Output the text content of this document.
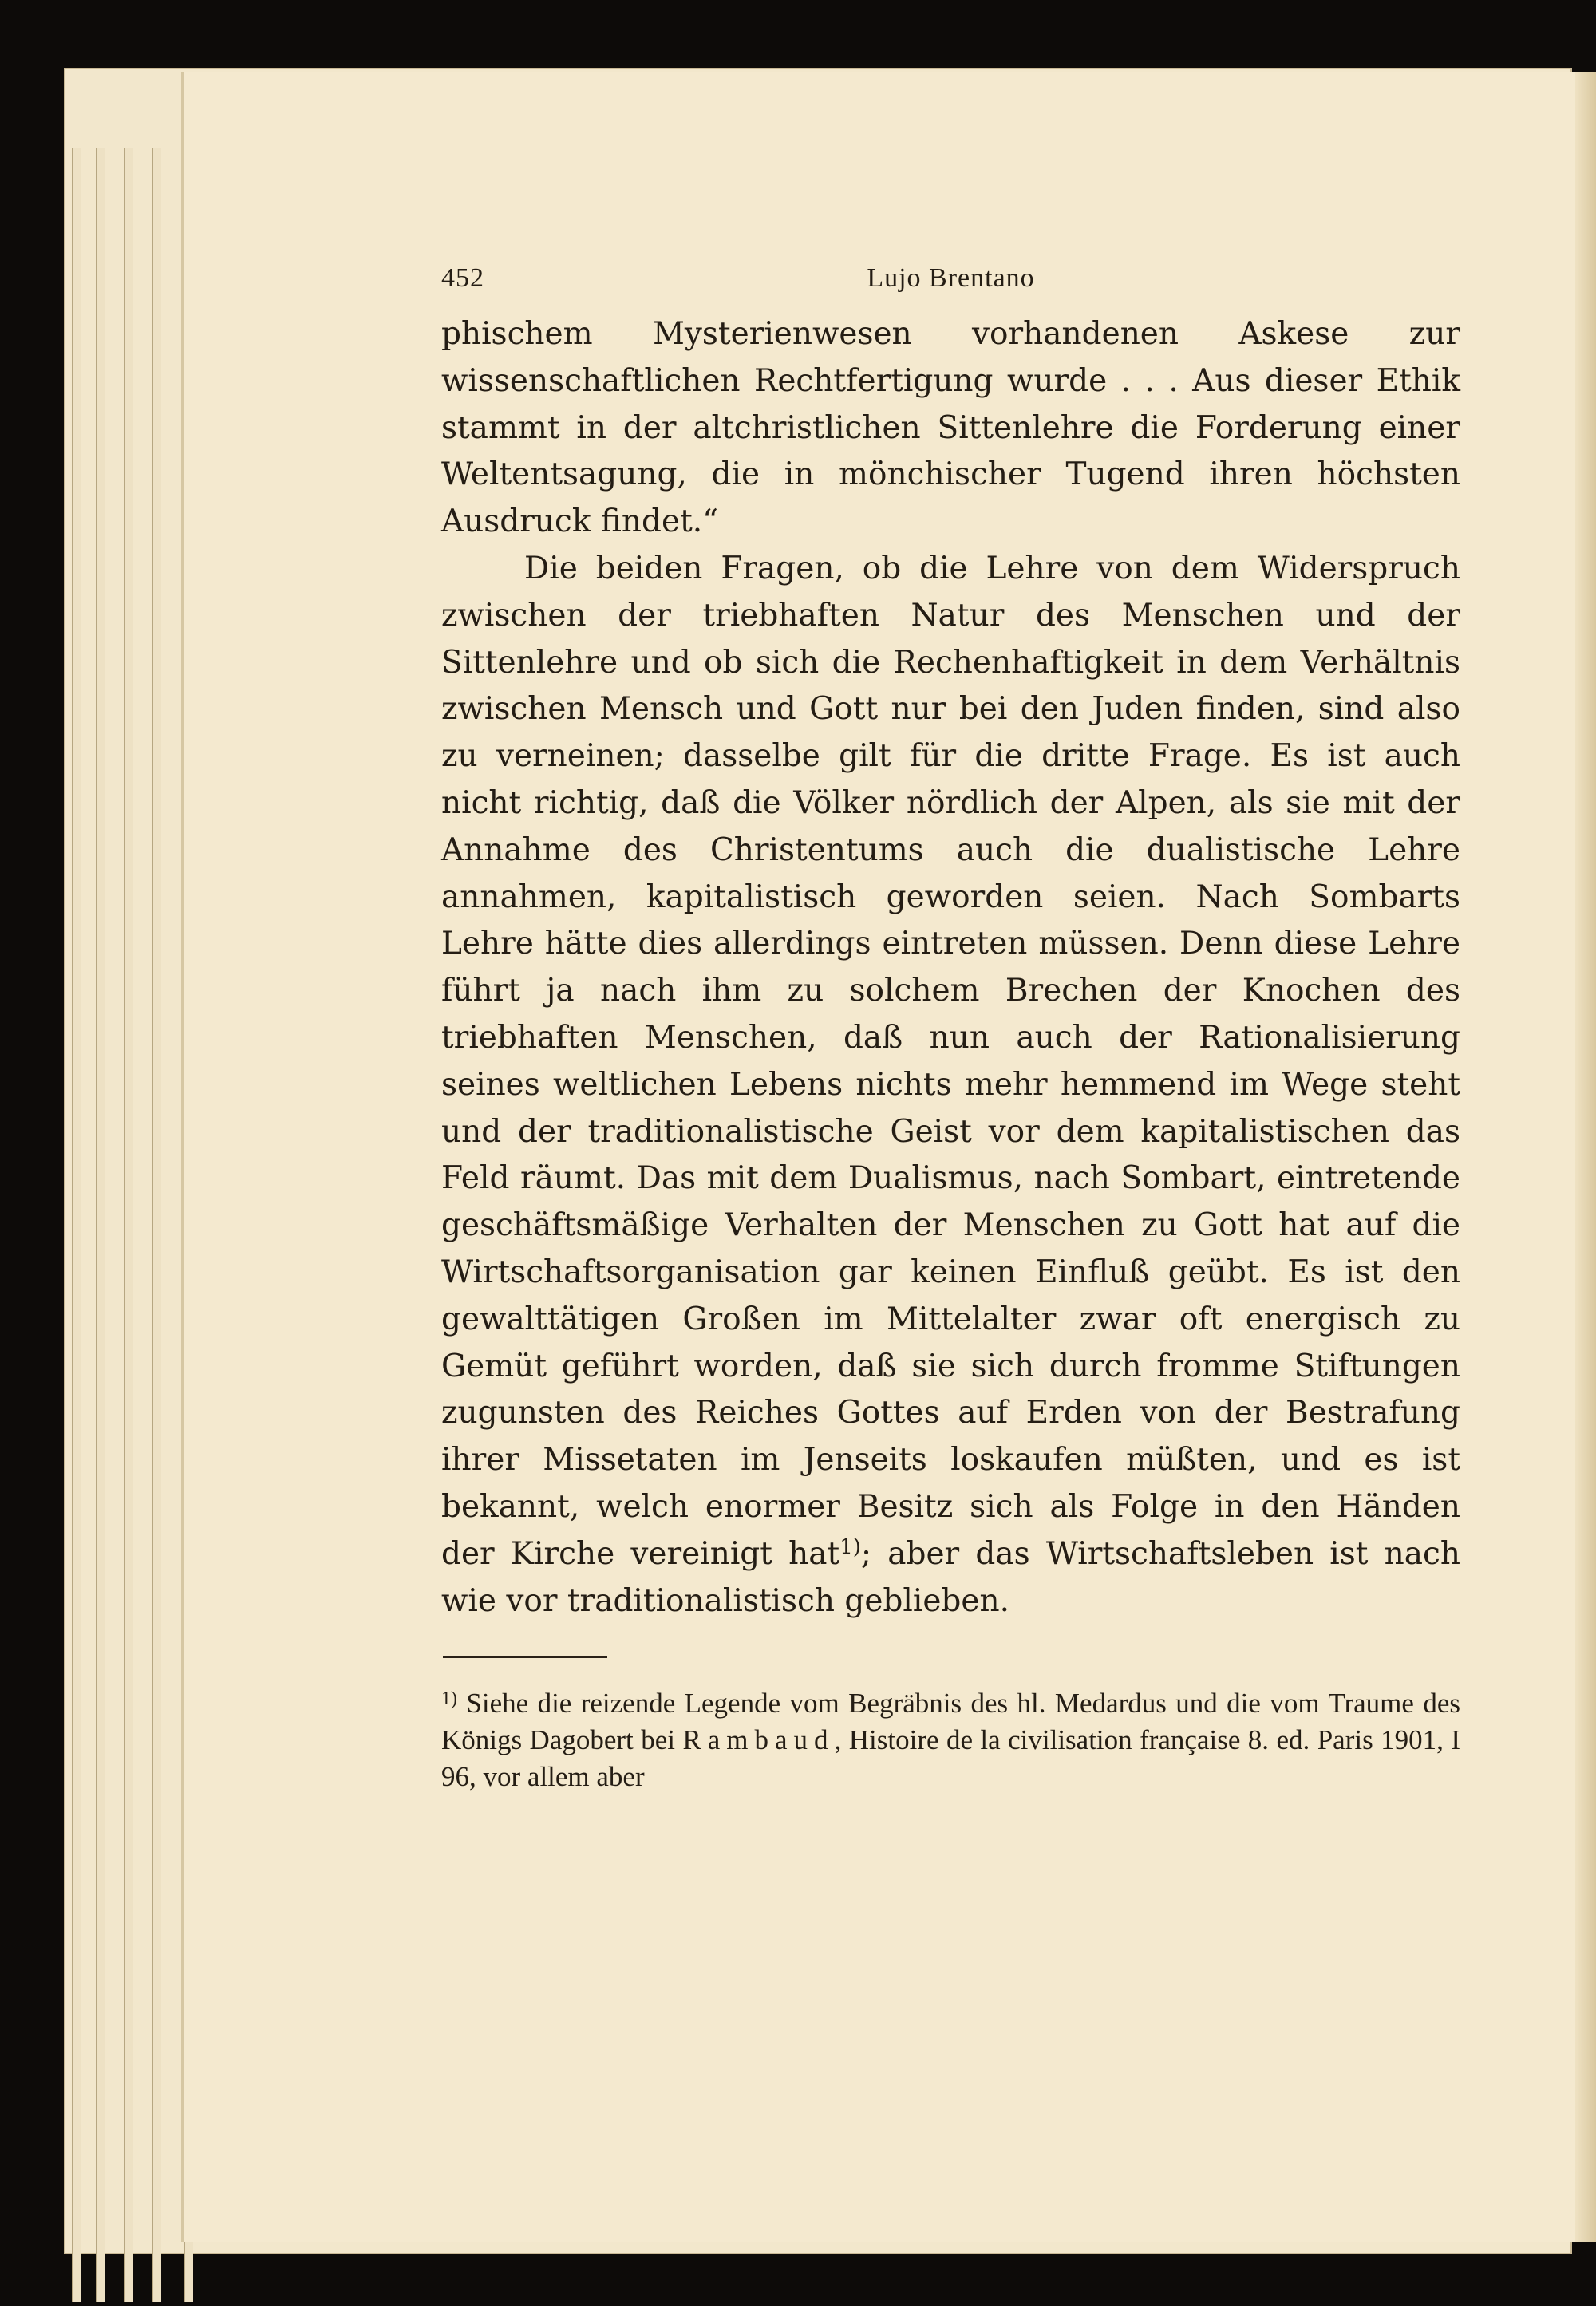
452	Lujo Brentano

phischem Mysterienwesen vorhandenen Askese zur wissenschaftlichen Rechtfertigung wurde . . . Aus dieser Ethik stammt in der altchristlichen Sittenlehre die Forderung einer Weltentsagung, die in mönchischer Tugend ihren höchsten Ausdruck findet.“

Die beiden Fragen, ob die Lehre von dem Widerspruch zwischen der triebhaften Natur des Menschen und der Sittenlehre und ob sich die Rechenhaftigkeit in dem Verhältnis zwischen Mensch und Gott nur bei den Juden finden, sind also zu verneinen; dasselbe gilt für die dritte Frage. Es ist auch nicht richtig, daß die Völker nördlich der Alpen, als sie mit der Annahme des Christentums auch die dualistische Lehre annahmen, kapitalistisch geworden seien. Nach Sombarts Lehre hätte dies allerdings eintreten müssen. Denn diese Lehre führt ja nach ihm zu solchem Brechen der Knochen des triebhaften Menschen, daß nun auch der Rationalisierung seines weltlichen Lebens nichts mehr hemmend im Wege steht und der traditionalistische Geist vor dem kapitalistischen das Feld räumt. Das mit dem Dualismus, nach Sombart, eintretende geschäftsmäßige Verhalten der Menschen zu Gott hat auf die Wirtschaftsorganisation gar keinen Einfluß geübt. Es ist den gewalttätigen Großen im Mittelalter zwar oft energisch zu Gemüt geführt worden, daß sie sich durch fromme Stiftungen zugunsten des Reiches Gottes auf Erden von der Bestrafung ihrer Missetaten im Jenseits loskaufen müßten, und es ist bekannt, welch enormer Besitz sich als Folge in den Händen der Kirche vereinigt hat$^{1)}$; aber das Wirtschaftsleben ist nach wie vor traditionalistisch geblieben.

$^{1)}$ Siehe die reizende Legende vom Begräbnis des hl. Medardus und die vom Traume des Königs Dagobert bei Rambaud, Histoire de la civilisation française 8. ed. Paris 1901, I 96, vor allem aber
